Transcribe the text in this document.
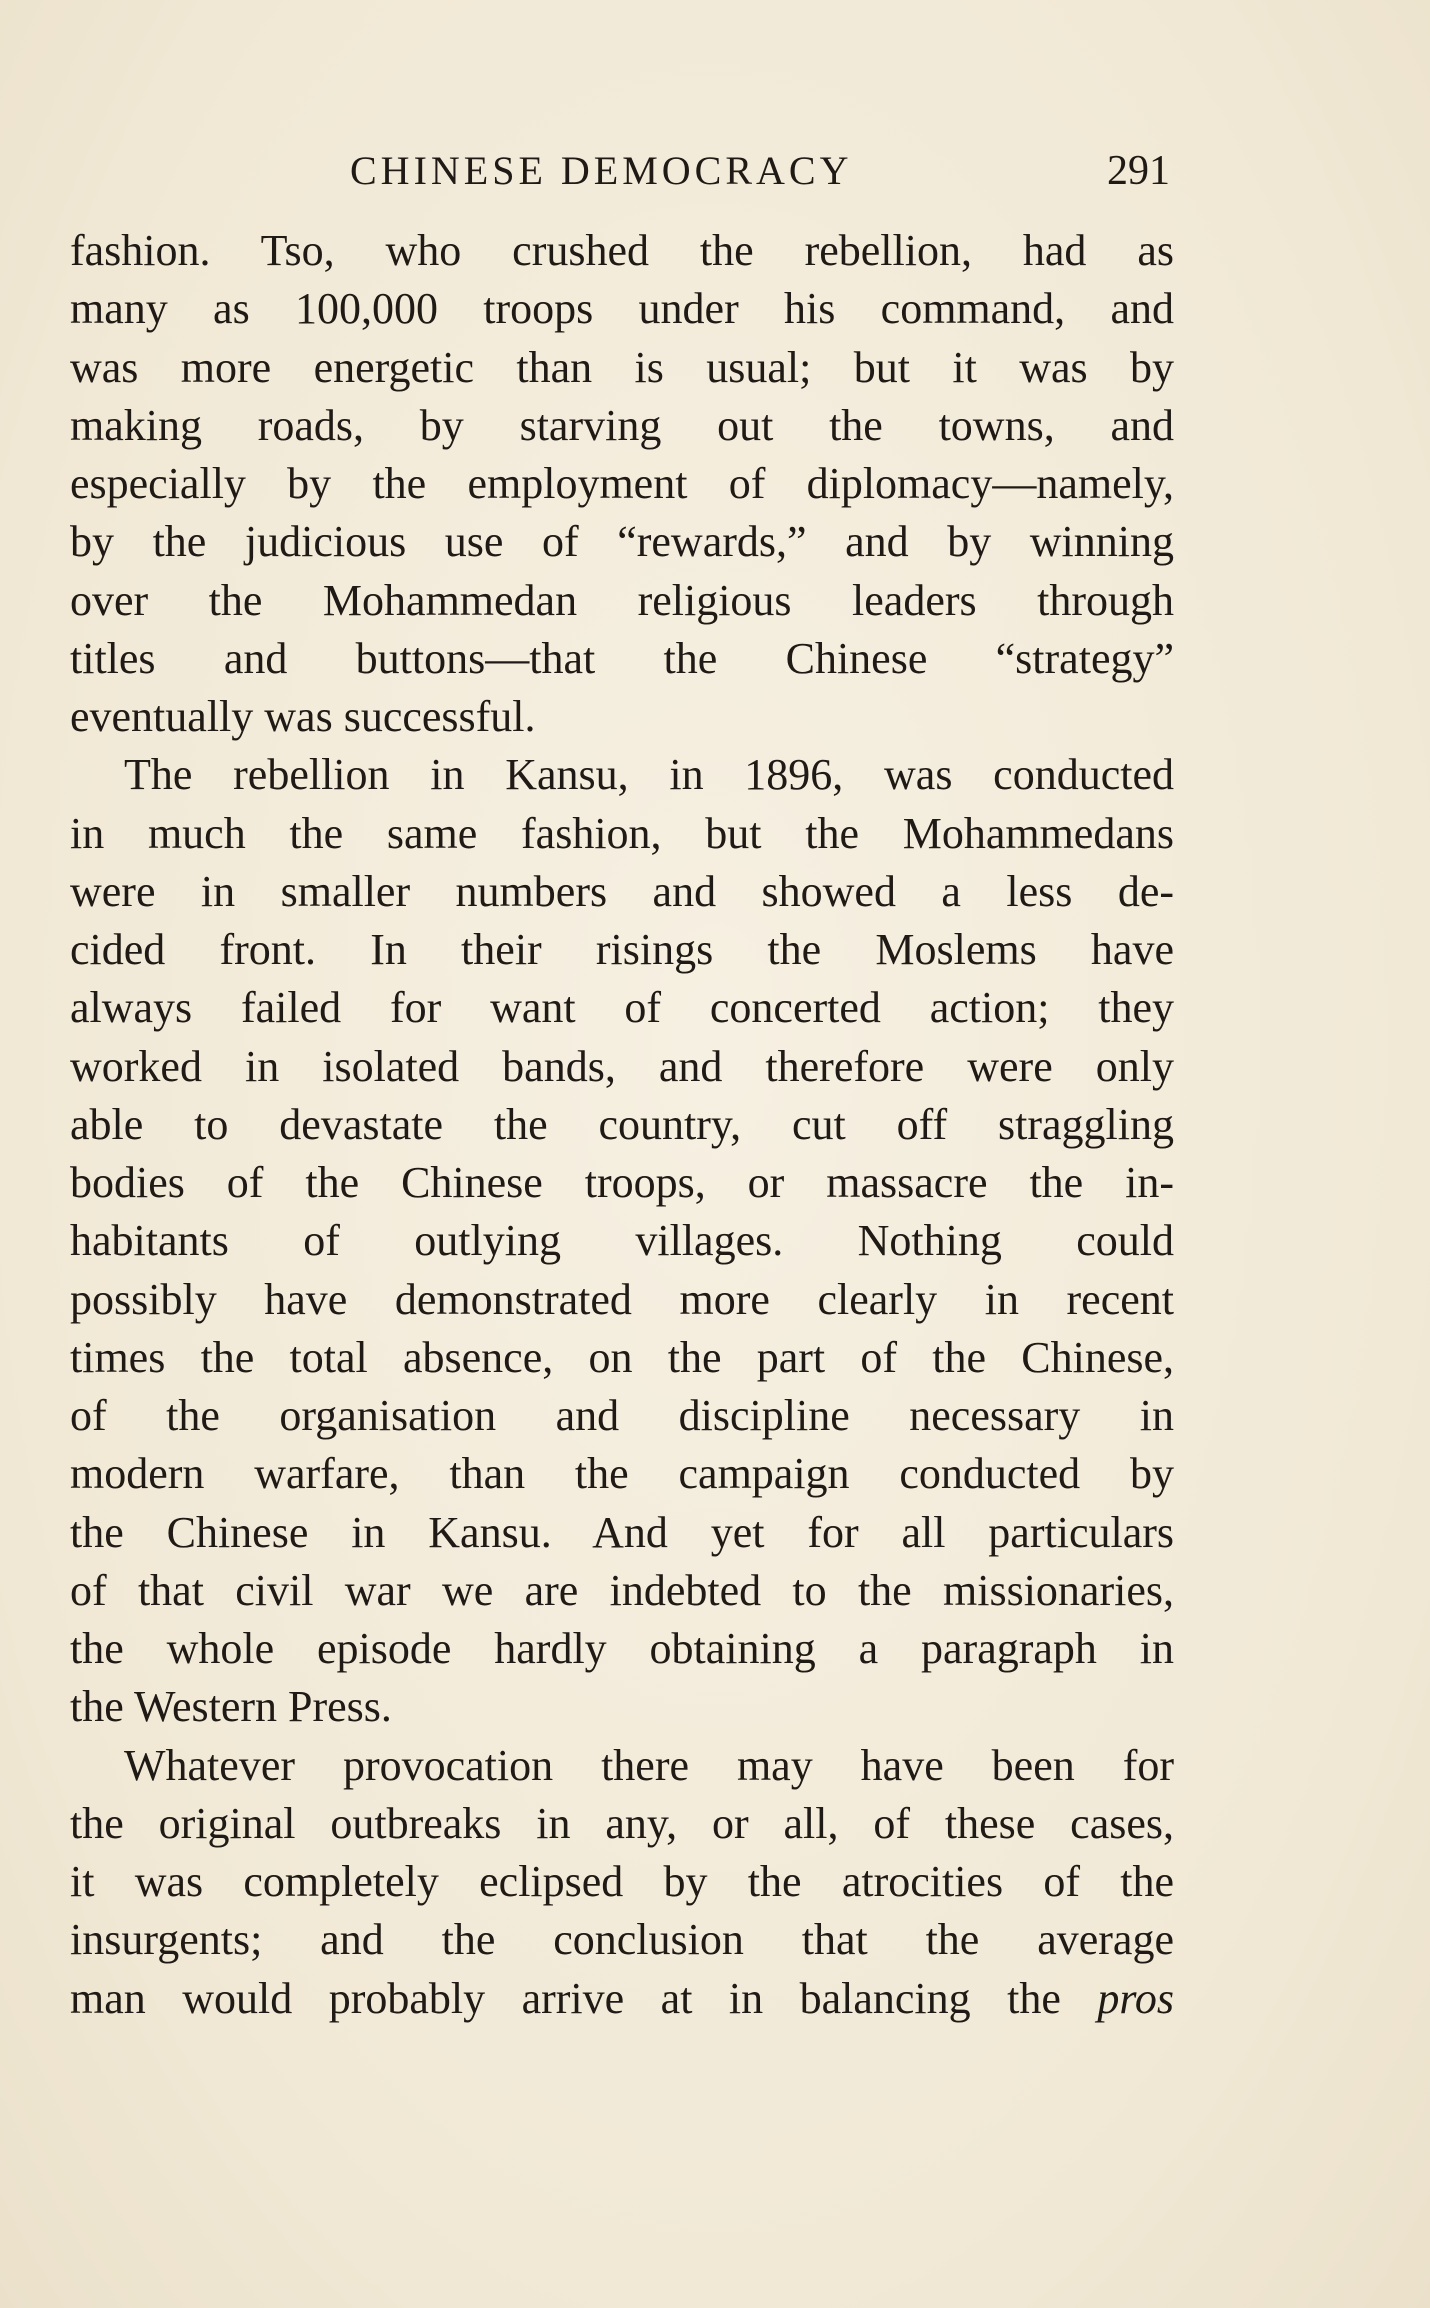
CHINESE DEMOCRACY	291
fashion. Tso, who crushed the rebellion, had as
many as 100,000 troops under his command, and
was more energetic than is usual; but it was by
making roads, by starving out the towns, and
especially by the employment of diplomacy—namely,
by the judicious use of “rewards,” and by winning
over the Mohammedan religious leaders through
titles and buttons—that the Chinese “strategy”
eventually was successful.
The rebellion in Kansu, in 1896, was conducted
in much the same fashion, but the Mohammedans
were in smaller numbers and showed a less de-
cided front. In their risings the Moslems have
always failed for want of concerted action; they
worked in isolated bands, and therefore were only
able to devastate the country, cut off straggling
bodies of the Chinese troops, or massacre the in-
habitants of outlying villages. Nothing could
possibly have demonstrated more clearly in recent
times the total absence, on the part of the Chinese,
of the organisation and discipline necessary in
modern warfare, than the campaign conducted by
the Chinese in Kansu. And yet for all particulars
of that civil war we are indebted to the missionaries,
the whole episode hardly obtaining a paragraph in
the Western Press.
Whatever provocation there may have been for
the original outbreaks in any, or all, of these cases,
it was completely eclipsed by the atrocities of the
insurgents; and the conclusion that the average
man would probably arrive at in balancing the pros
